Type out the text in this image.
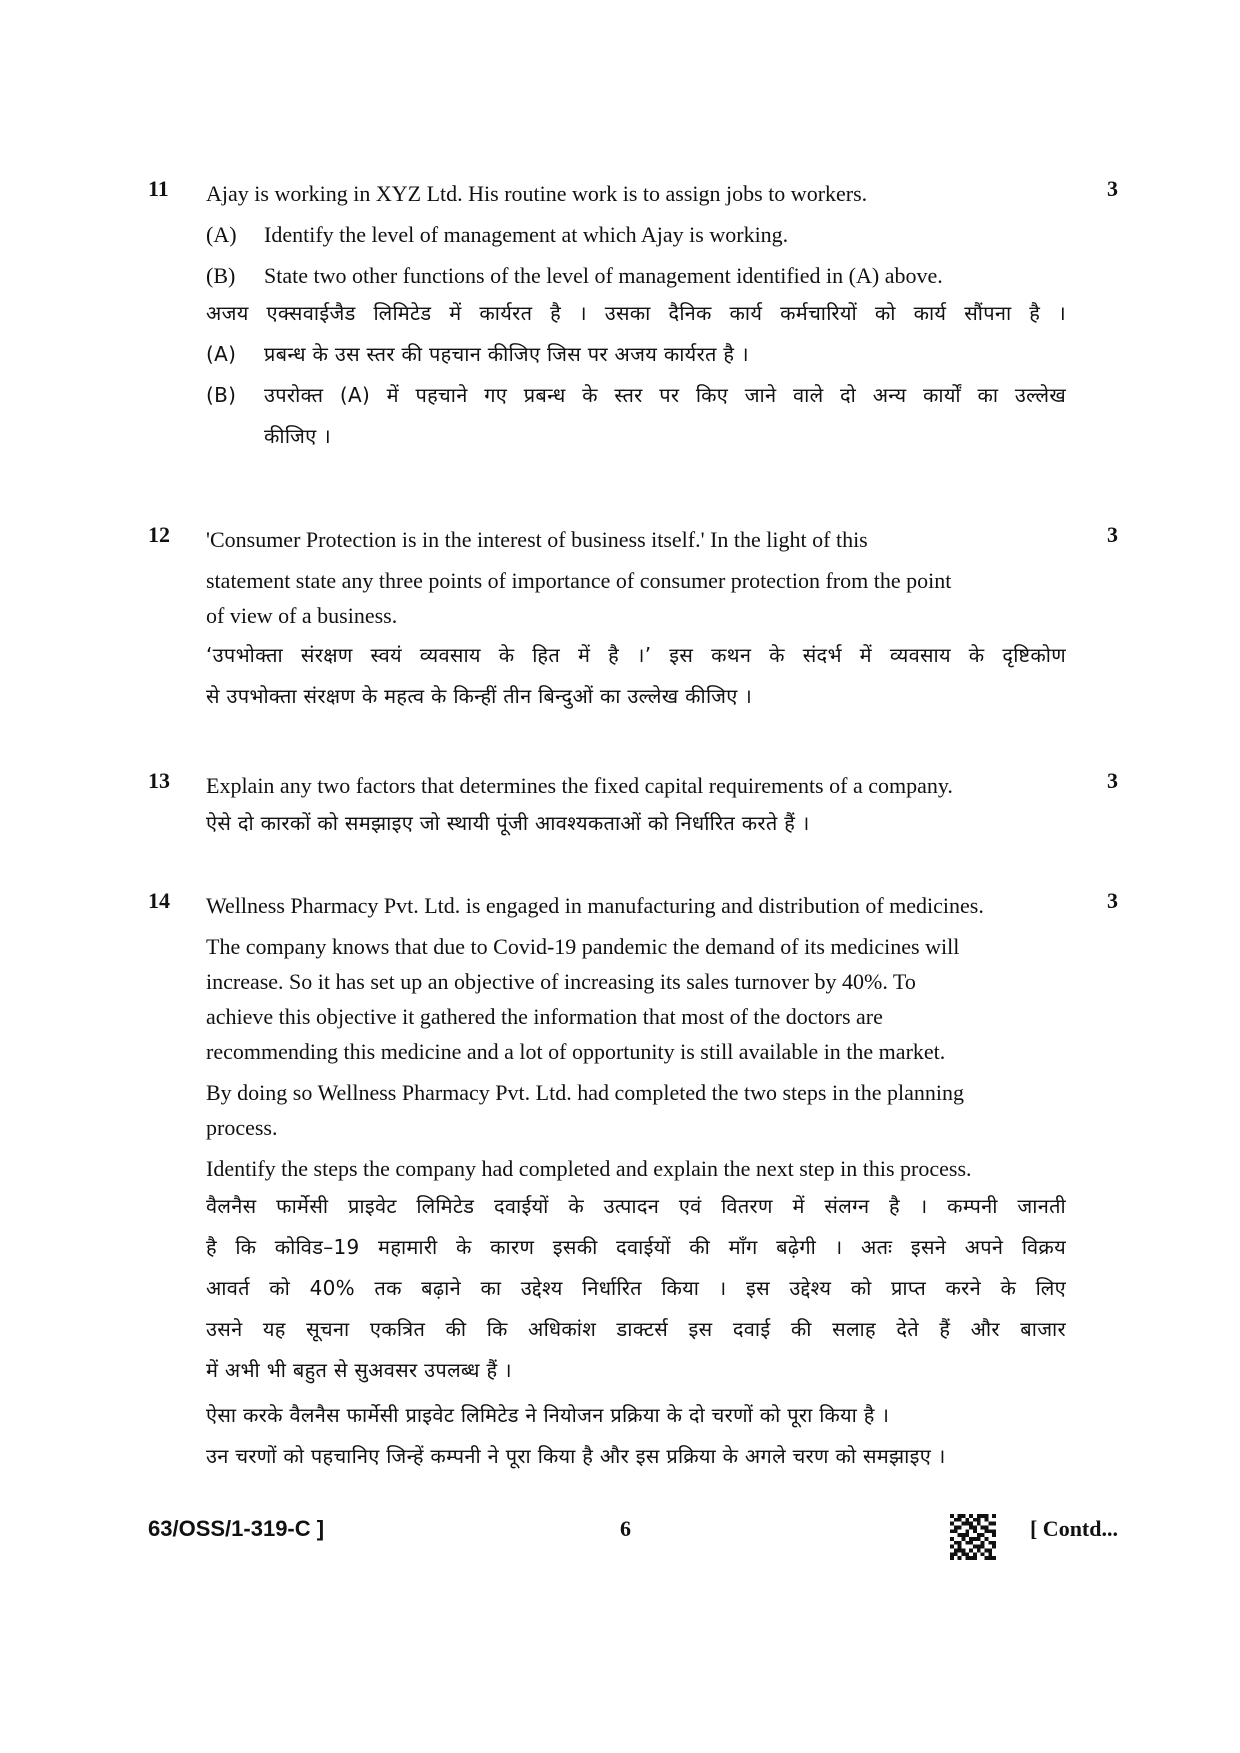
11	3
Ajay is working in XYZ Ltd. His routine work is to assign jobs to workers.
(A) Identify the level of management at which Ajay is working.
(B) State two other functions of the level of management identified in (A) above.
अजय एक्सवाईजैड लिमिटेड में कार्यरत है । उसका दैनिक कार्य कर्मचारियों को कार्य सौंपना है ।
(A) प्रबन्ध के उस स्तर की पहचान कीजिए जिस पर अजय कार्यरत है ।
(B) उपरोक्त (A) में पहचाने गए प्रबन्ध के स्तर पर किए जाने वाले दो अन्य कार्यों का उल्लेख
कीजिए ।
12	3
'Consumer Protection is in the interest of business itself.' In the light of this
statement state any three points of importance of consumer protection from the point
of view of a business.
‘उपभोक्ता संरक्षण स्वयं व्यवसाय के हित में है ।’ इस कथन के संदर्भ में व्यवसाय के दृष्टिकोण
से उपभोक्ता संरक्षण के महत्व के किन्हीं तीन बिन्दुओं का उल्लेख कीजिए ।
13	3
Explain any two factors that determines the fixed capital requirements of a company.
ऐसे दो कारकों को समझाइए जो स्थायी पूंजी आवश्यकताओं को निर्धारित करते हैं ।
14	3
Wellness Pharmacy Pvt. Ltd. is engaged in manufacturing and distribution of medicines.
The company knows that due to Covid-19 pandemic the demand of its medicines will
increase. So it has set up an objective of increasing its sales turnover by 40%. To
achieve this objective it gathered the information that most of the doctors are
recommending this medicine and a lot of opportunity is still available in the market.
By doing so Wellness Pharmacy Pvt. Ltd. had completed the two steps in the planning
process.
Identify the steps the company had completed and explain the next step in this process.
वैलनैस फार्मेसी प्राइवेट लिमिटेड दवाईयों के उत्पादन एवं वितरण में संलग्न है । कम्पनी जानती
है कि कोविड–19 महामारी के कारण इसकी दवाईयों की माँग बढ़ेगी । अतः इसने अपने विक्रय
आवर्त को 40% तक बढ़ाने का उद्देश्य निर्धारित किया । इस उद्देश्य को प्राप्त करने के लिए
उसने यह सूचना एकत्रित की कि अधिकांश डाक्टर्स इस दवाई की सलाह देते हैं और बाजार
में अभी भी बहुत से सुअवसर उपलब्ध हैं ।
ऐसा करके वैलनैस फार्मेसी प्राइवेट लिमिटेड ने नियोजन प्रक्रिया के दो चरणों को पूरा किया है ।
उन चरणों को पहचानिए जिन्हें कम्पनी ने पूरा किया है और इस प्रक्रिया के अगले चरण को समझाइए ।
63/OSS/1-319-C ]	6	[ Contd...
